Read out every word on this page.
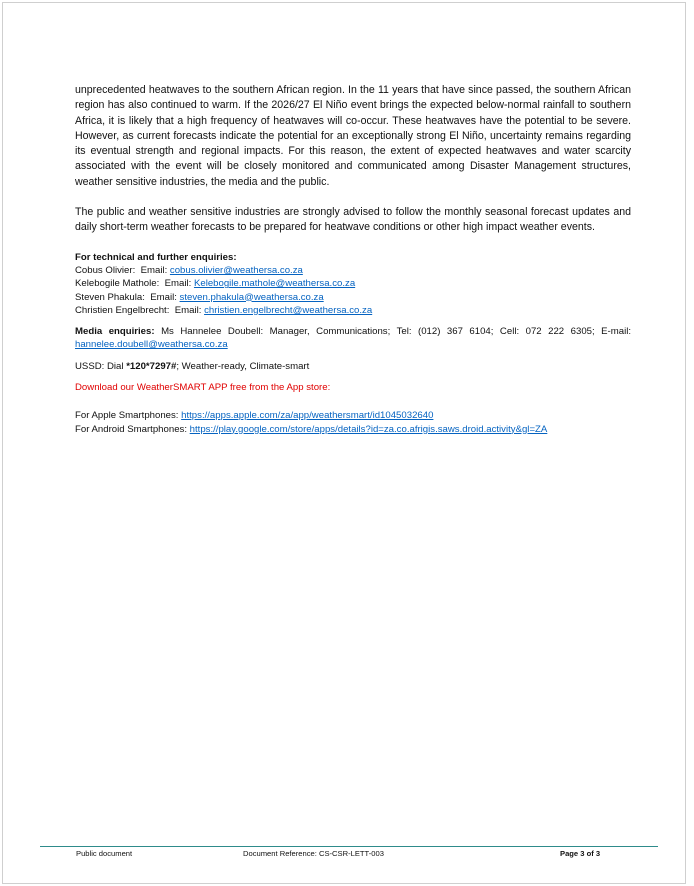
unprecedented heatwaves to the southern African region. In the 11 years that have since passed, the southern African region has also continued to warm. If the 2026/27 El Niño event brings the expected below-normal rainfall to southern Africa, it is likely that a high frequency of heatwaves will co-occur. These heatwaves have the potential to be severe. However, as current forecasts indicate the potential for an exceptionally strong El Niño, uncertainty remains regarding its eventual strength and regional impacts. For this reason, the extent of expected heatwaves and water scarcity associated with the event will be closely monitored and communicated among Disaster Management structures, weather sensitive industries, the media and the public.

The public and weather sensitive industries are strongly advised to follow the monthly seasonal forecast updates and daily short-term weather forecasts to be prepared for heatwave conditions or other high impact weather events.

For technical and further enquiries:

Cobus Olivier: Email: cobus.olivier@weathersa.co.za

Kelebogile Mathole: Email: Kelebogile.mathole@weathersa.co.za

Steven Phakula: Email: steven.phakula@weathersa.co.za

Christien Engelbrecht: Email: christien.engelbrecht@weathersa.co.za

Media enquiries: Ms Hannelee Doubell: Manager, Communications; Tel: (012) 367 6104; Cell: 072 222 6305; E-mail: hannelee.doubell@weathersa.co.za

USSD: Dial *120*7297#; Weather-ready, Climate-smart

Download our WeatherSMART APP free from the App store:

For Apple Smartphones: https://apps.apple.com/za/app/weathersmart/id1045032640

For Android Smartphones: https://play.google.com/store/apps/details?id=za.co.afrigis.saws.droid.activity&gl=ZA

Public document	Document Reference: CS-CSR-LETT-003	Page 3 of 3
